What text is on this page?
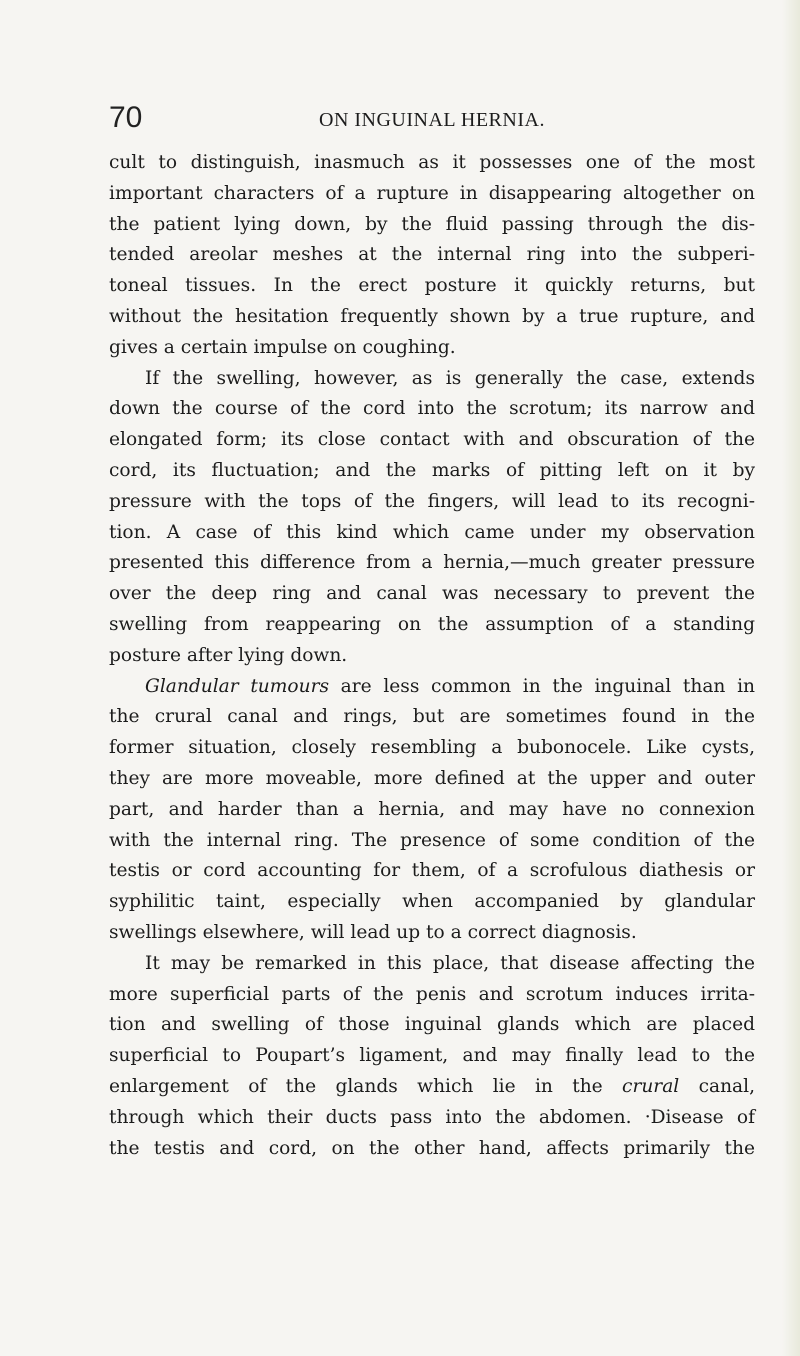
70	ON INGUINAL HERNIA.
cult to distinguish, inasmuch as it possesses one of the most
important characters of a rupture in disappearing altogether on
the patient lying down, by the fluid passing through the dis-
tended areolar meshes at the internal ring into the subperi-
toneal tissues. In the erect posture it quickly returns, but
without the hesitation frequently shown by a true rupture, and
gives a certain impulse on coughing.
If the swelling, however, as is generally the case, extends
down the course of the cord into the scrotum; its narrow and
elongated form; its close contact with and obscuration of the
cord, its fluctuation; and the marks of pitting left on it by
pressure with the tops of the fingers, will lead to its recogni-
tion. A case of this kind which came under my observation
presented this difference from a hernia,—much greater pressure
over the deep ring and canal was necessary to prevent the
swelling from reappearing on the assumption of a standing
posture after lying down.
Glandular tumours are less common in the inguinal than in
the crural canal and rings, but are sometimes found in the
former situation, closely resembling a bubonocele. Like cysts,
they are more moveable, more defined at the upper and outer
part, and harder than a hernia, and may have no connexion
with the internal ring. The presence of some condition of the
testis or cord accounting for them, of a scrofulous diathesis or
syphilitic taint, especially when accompanied by glandular
swellings elsewhere, will lead up to a correct diagnosis.
It may be remarked in this place, that disease affecting the
more superficial parts of the penis and scrotum induces irrita-
tion and swelling of those inguinal glands which are placed
superficial to Poupart’s ligament, and may finally lead to the
enlargement of the glands which lie in the crural canal,
through which their ducts pass into the abdomen. ·Disease of
the testis and cord, on the other hand, affects primarily the
